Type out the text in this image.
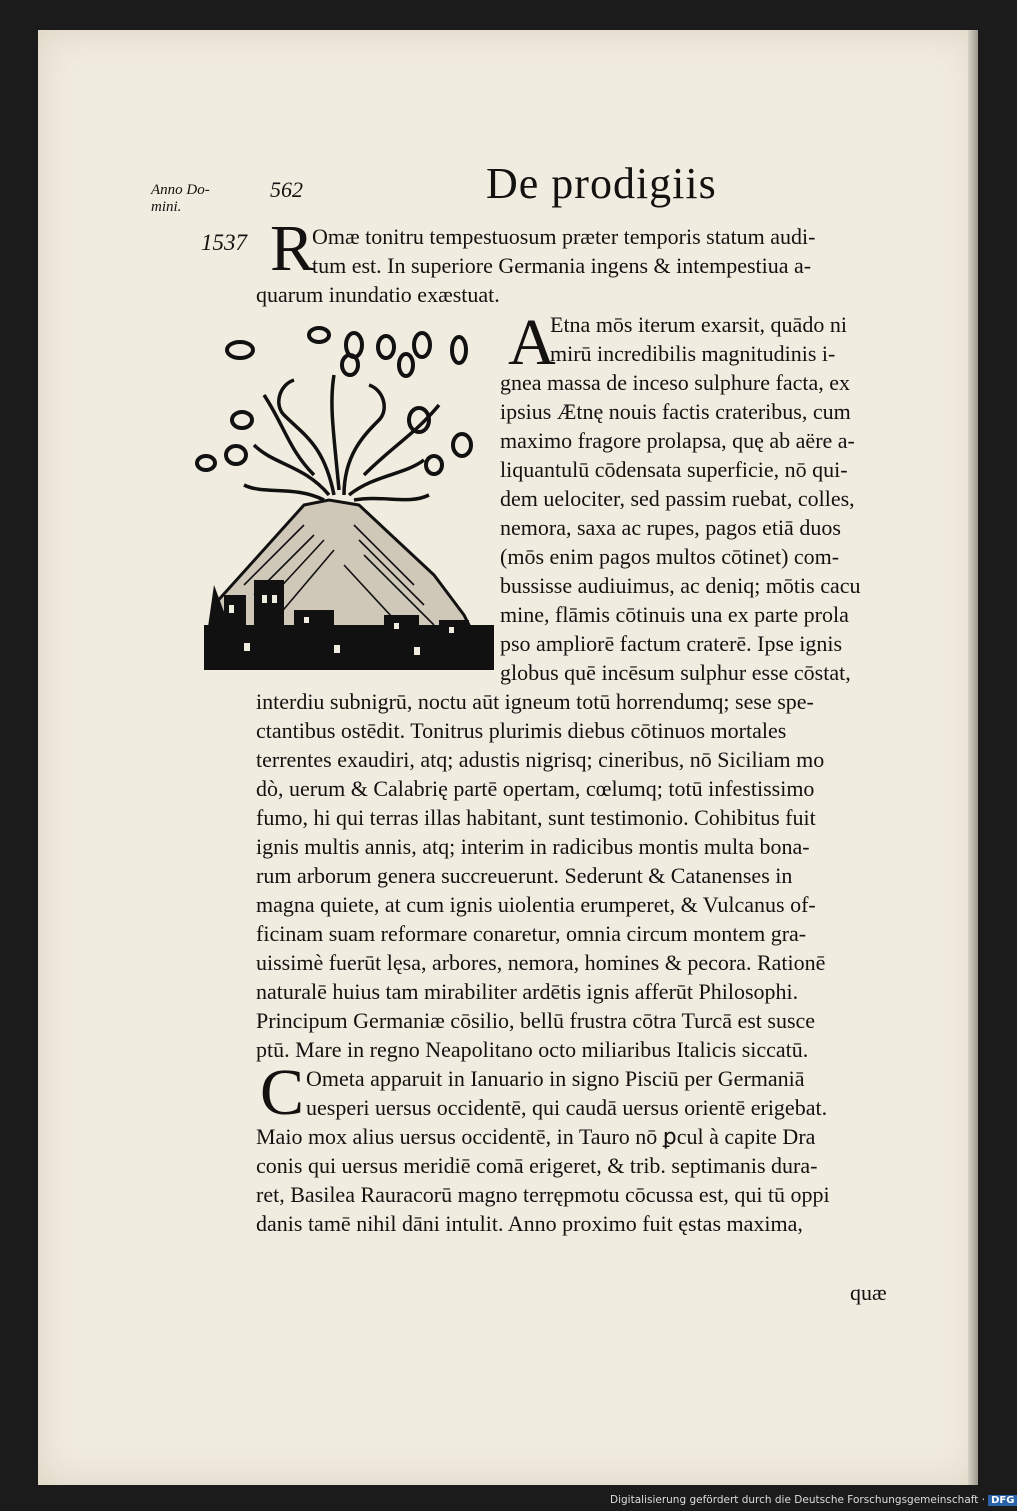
Anno Do-
mini.
562	De prodigiis
1537 R
Omæ tonitru tempestuosum præter temporis statum audi-
tum est. In superiore Germania ingens & intempestiua a-
quarum inundatio exæstuat.
A
Etna mōs iterum exarsit, quādo ni
mirū incredibilis magnitudinis i-
gnea massa de inceso sulphure facta, ex
ipsius Ætnę nouis factis crateribus, cum
maximo fragore prolapsa, quę ab aëre a-
liquantulū cōdensata superficie, nō qui-
dem uelociter, sed passim ruebat, colles,
nemora, saxa ac rupes, pagos etiā duos
(mōs enim pagos multos cōtinet) com-
bussisse audiuimus, ac deniq; mōtis cacu
mine, flāmis cōtinuis una ex parte prola
pso ampliorē factum craterē. Ipse ignis
globus quē incēsum sulphur esse cōstat,
interdiu subnigrū, noctu aūt igneum totū horrendumq; sese spe-
ctantibus ostēdit. Tonitrus plurimis diebus cōtinuos mortales
terrentes exaudiri, atq; adustis nigrisq; cineribus, nō Siciliam mo
dò, uerum & Calabrię partē opertam, cœlumq; totū infestissimo
fumo, hi qui terras illas habitant, sunt testimonio. Cohibitus fuit
ignis multis annis, atq; interim in radicibus montis multa bona-
rum arborum genera succreuerunt. Sederunt & Catanenses in
magna quiete, at cum ignis uiolentia erumperet, & Vulcanus of-
ficinam suam reformare conaretur, omnia circum montem gra-
uissimè fuerūt lęsa, arbores, nemora, homines & pecora. Rationē
naturalē huius tam mirabiliter ardētis ignis afferūt Philosophi.
Principum Germaniæ cōsilio, bellū frustra cōtra Turcā est susce
ptū. Mare in regno Neapolitano octo miliaribus Italicis siccatū.
C Ometa apparuit in Ianuario in signo Pisciū per Germaniā
uesperi uersus occidentē, qui caudā uersus orientē erigebat.
Maio mox alius uersus occidentē, in Tauro nō ꝑcul à capite Dra
conis qui uersus meridiē comā erigeret, & trib. septimanis dura-
ret, Basilea Rauracorū magno terrępmotu cōcussa est, qui tū oppi
danis tamē nihil dāni intulit. Anno proximo fuit ęstas maxima,
quæ
Digitalisierung gefördert durch die Deutsche Forschungsgemeinschaft · DFG
